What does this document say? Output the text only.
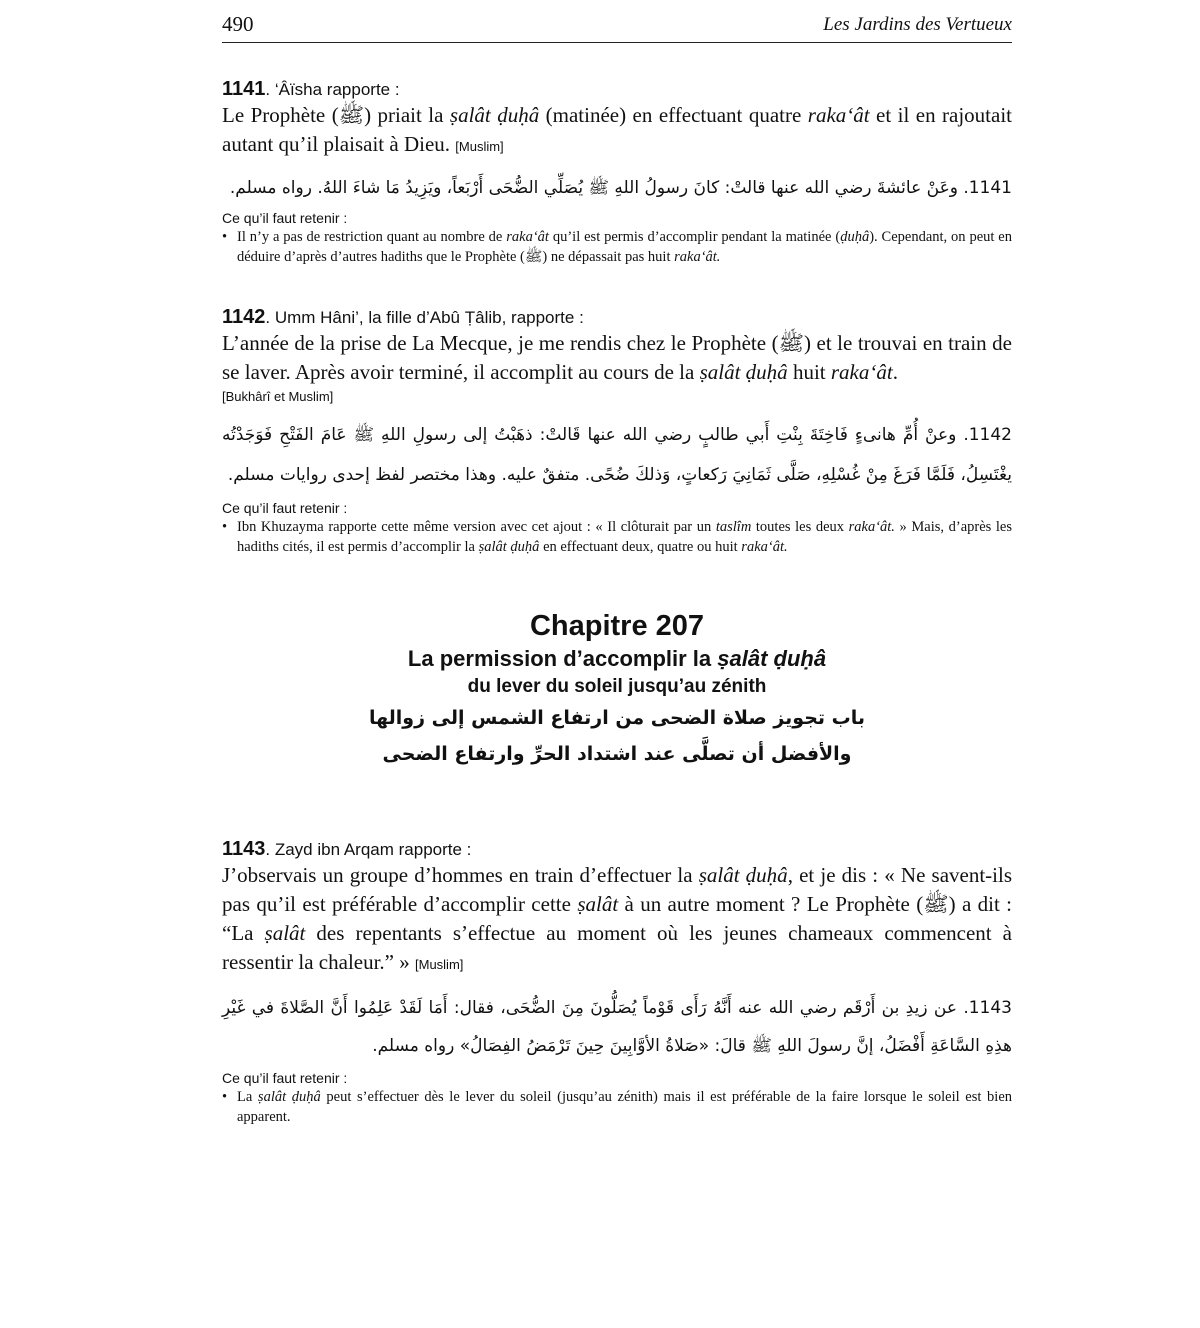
490	Les Jardins des Vertueux
1141. ‘Âïsha rapporte :
Le Prophète (ﷺ) priait la ṣalât ḍuḥâ (matinée) en effectuant quatre raka‘ât et il en rajoutait autant qu’il plaisait à Dieu. [Muslim]
1141. وعَنْ عائشةَ رضي الله عنها قالتْ: كانَ رسولُ اللهِ ﷺ يُصَلِّي الضُّحَى أَرْبَعاً، ويَزِيدُ مَا شاءَ اللهُ. رواه مسلم.
Ce qu’il faut retenir :
• Il n’y a pas de restriction quant au nombre de raka‘ât qu’il est permis d’accomplir pendant la matinée (ḍuḥâ). Cependant, on peut en déduire d’après d’autres hadiths que le Prophète (ﷺ) ne dépassait pas huit raka‘ât.
1142. Umm Hâni’, la fille d’Abû Ṭâlib, rapporte :
L’année de la prise de La Mecque, je me rendis chez le Prophète (ﷺ) et le trouvai en train de se laver. Après avoir terminé, il accomplit au cours de la ṣalât ḍuḥâ huit raka‘ât.
[Bukhârî et Muslim]
1142. وعنْ أُمِّ هانىءٍ فَاخِتَةَ بِنْتِ أَبي طالبٍ رضي الله عنها قَالتْ: ذهَبْتُ إلى رسولِ اللهِ ﷺ عَامَ الفَتْحِ فَوَجَدْتُه يغْتَسِلُ، فَلَمَّا فَرَغَ مِنْ غُسْلِهِ، صَلَّى ثَمَانِيَ رَكعاتٍ، وَذلكَ ضُحًى. متفقٌ عليه. وهذا مختصر لفظ إحدى روايات مسلم.
Ce qu’il faut retenir :
• Ibn Khuzayma rapporte cette même version avec cet ajout : « Il clôturait par un taslîm toutes les deux raka‘ât. » Mais, d’après les hadiths cités, il est permis d’accomplir la ṣalât ḍuḥâ en effectuant deux, quatre ou huit raka‘ât.
Chapitre 207
La permission d’accomplir la ṣalât ḍuḥâ
du lever du soleil jusqu’au zénith
باب تجويز صلاة الضحى من ارتفاع الشمس إلى زوالها
والأفضل أن تصلَّى عند اشتداد الحرِّ وارتفاع الضحى
1143. Zayd ibn Arqam rapporte :
J’observais un groupe d’hommes en train d’effectuer la ṣalât ḍuḥâ, et je dis : « Ne savent-ils pas qu’il est préférable d’accomplir cette ṣalât à un autre moment ? Le Prophète (ﷺ) a dit : “La ṣalât des repentants s’effectue au moment où les jeunes chameaux commencent à ressentir la chaleur.” » [Muslim]
1143. عن زيدِ بن أَرْقَم رضي الله عنه أَنَّهُ رَأَى قَوْماً يُصَلُّونَ مِنَ الضُّحَى، فقال: أَمَا لَقَدْ عَلِمُوا أَنَّ الصَّلاةَ في غَيْرِ هذِهِ السَّاعَةِ أَفْضَلُ، إنَّ رسولَ اللهِ ﷺ قالَ: «صَلاةُ الأوَّابِينَ حِينَ تَرْمَضُ الفِصَالُ» رواه مسلم.
Ce qu’il faut retenir :
• La ṣalât ḍuḥâ peut s’effectuer dès le lever du soleil (jusqu’au zénith) mais il est préférable de la faire lorsque le soleil est bien apparent.
